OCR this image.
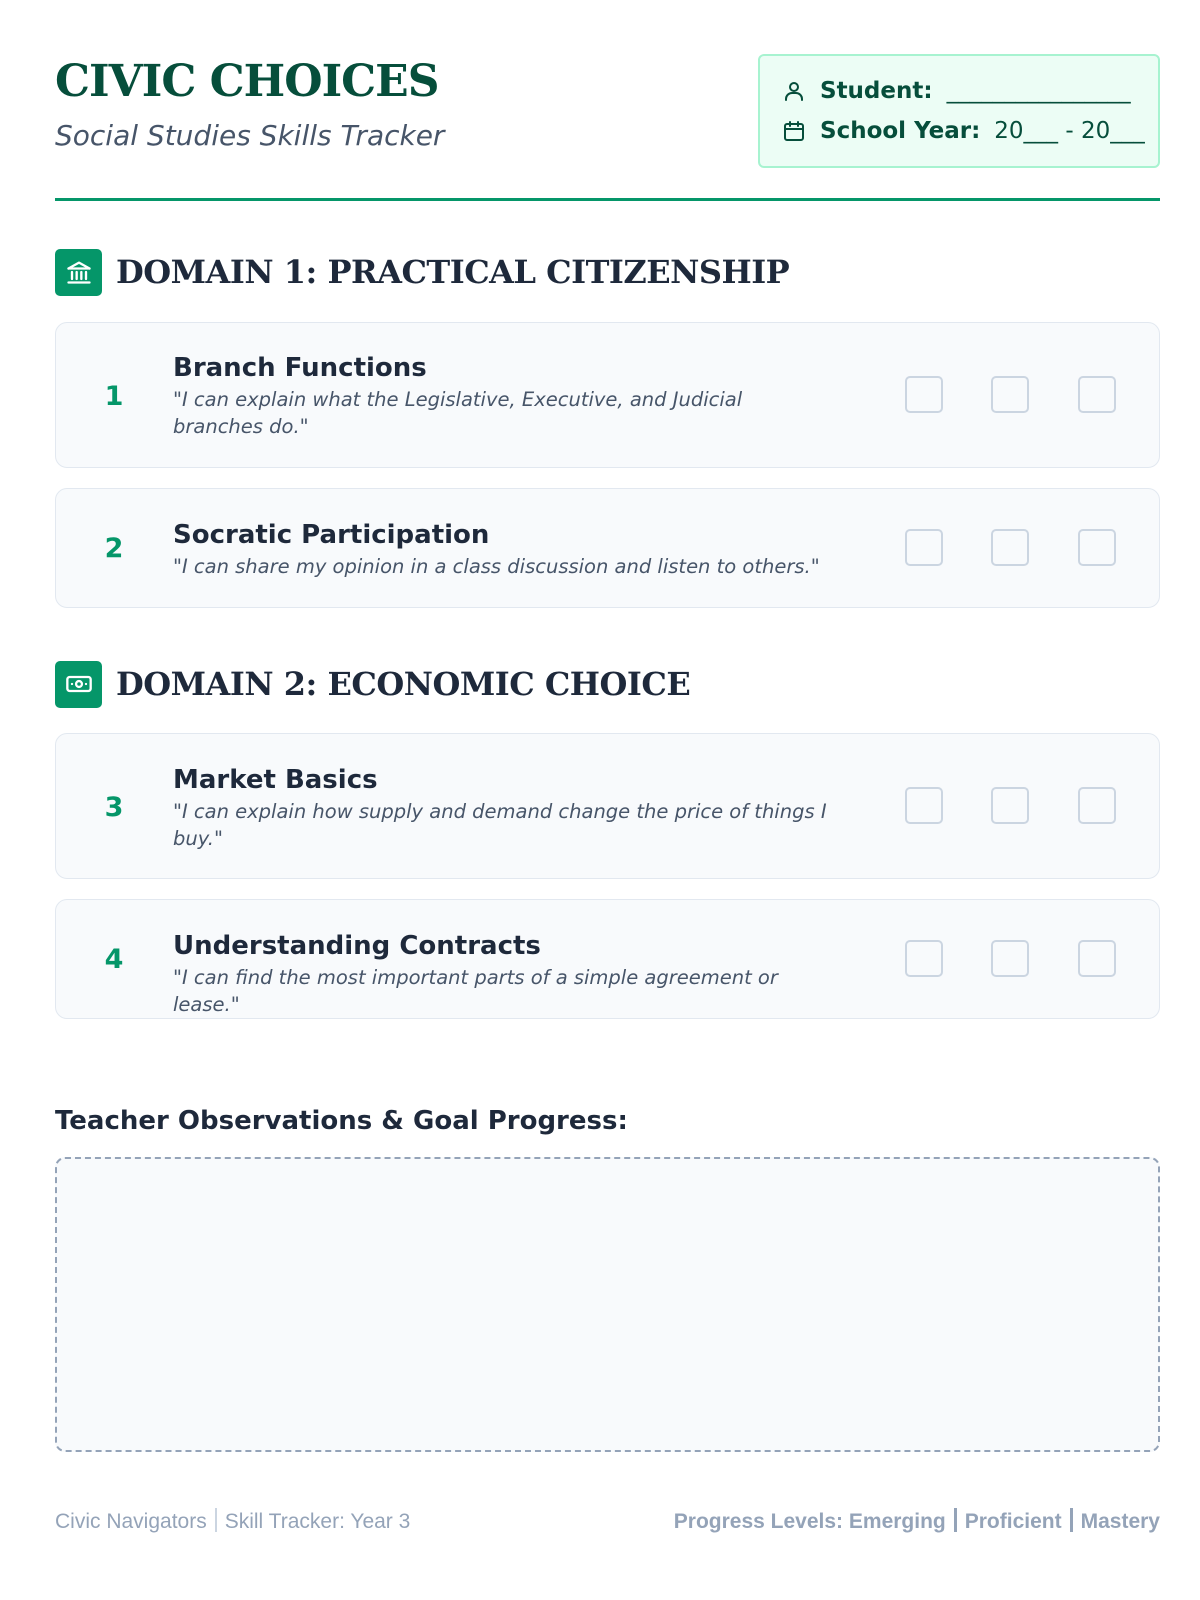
CIVIC CHOICES

Social Studies Skills Tracker

Student: ________________
School Year: 20___ - 20___
DOMAIN 1: PRACTICAL CITIZENSHIP
1
Branch Functions

"I can explain what the Legislative, Executive, and Judicial branches do."

2	Socratic Participation

"I can share my opinion in a class discussion and listen to others."

DOMAIN 2: ECONOMIC CHOICE
3
Market Basics

"I can explain how supply and demand change the price of things I buy."

4	Understanding Contracts

"I can find the most important parts of a simple agreement or lease."

Teacher Observations & Goal Progress:
Civic Navigators Skill Tracker: Year 3	Progress Levels: Emerging Proficient Mastery
